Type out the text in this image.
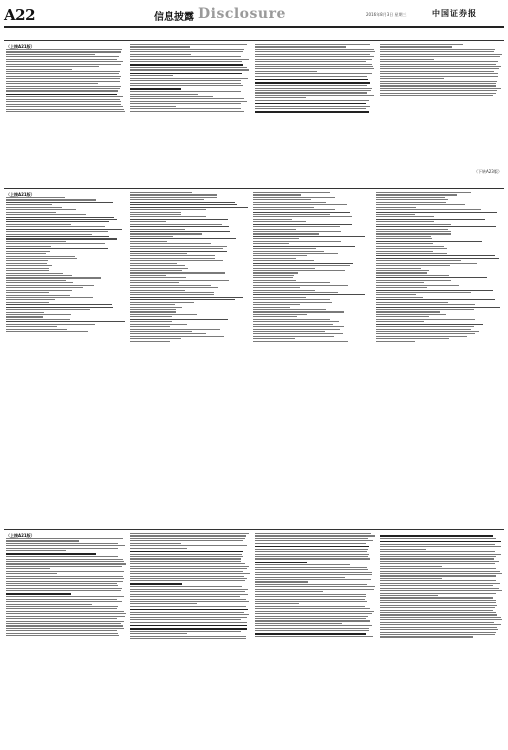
A22	信息披露 Disclosure	2016年8月3日 星期三	中国证券报
（上接A21版）
（下转A23版）
（上接A21版）
（上接A21版）
